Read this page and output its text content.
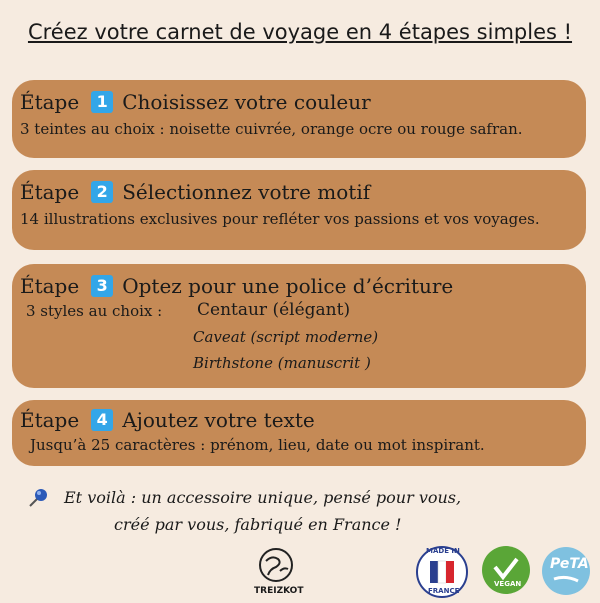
Créez votre carnet de voyage en 4 étapes simples !
Étape	1 Choisissez votre couleur
3 teintes au choix : noisette cuivrée, orange ocre ou rouge safran.
Étape	2 Sélectionnez votre motif
14 illustrations exclusives pour refléter vos passions et vos voyages.
Étape	3 Optez pour une police d’écriture
3 styles au choix : Centaur (élégant)
Caveat (script moderne)
Birthstone (manuscrit )
Étape	4 Ajoutez votre texte
Jusqu’à 25 caractères : prénom, lieu, date ou mot inspirant.
Et voilà : un accessoire unique, pensé pour vous,
créé par vous, fabriqué en France !
TREIZKOT
MADE IN
FRANCE
VEGAN
PeTA
